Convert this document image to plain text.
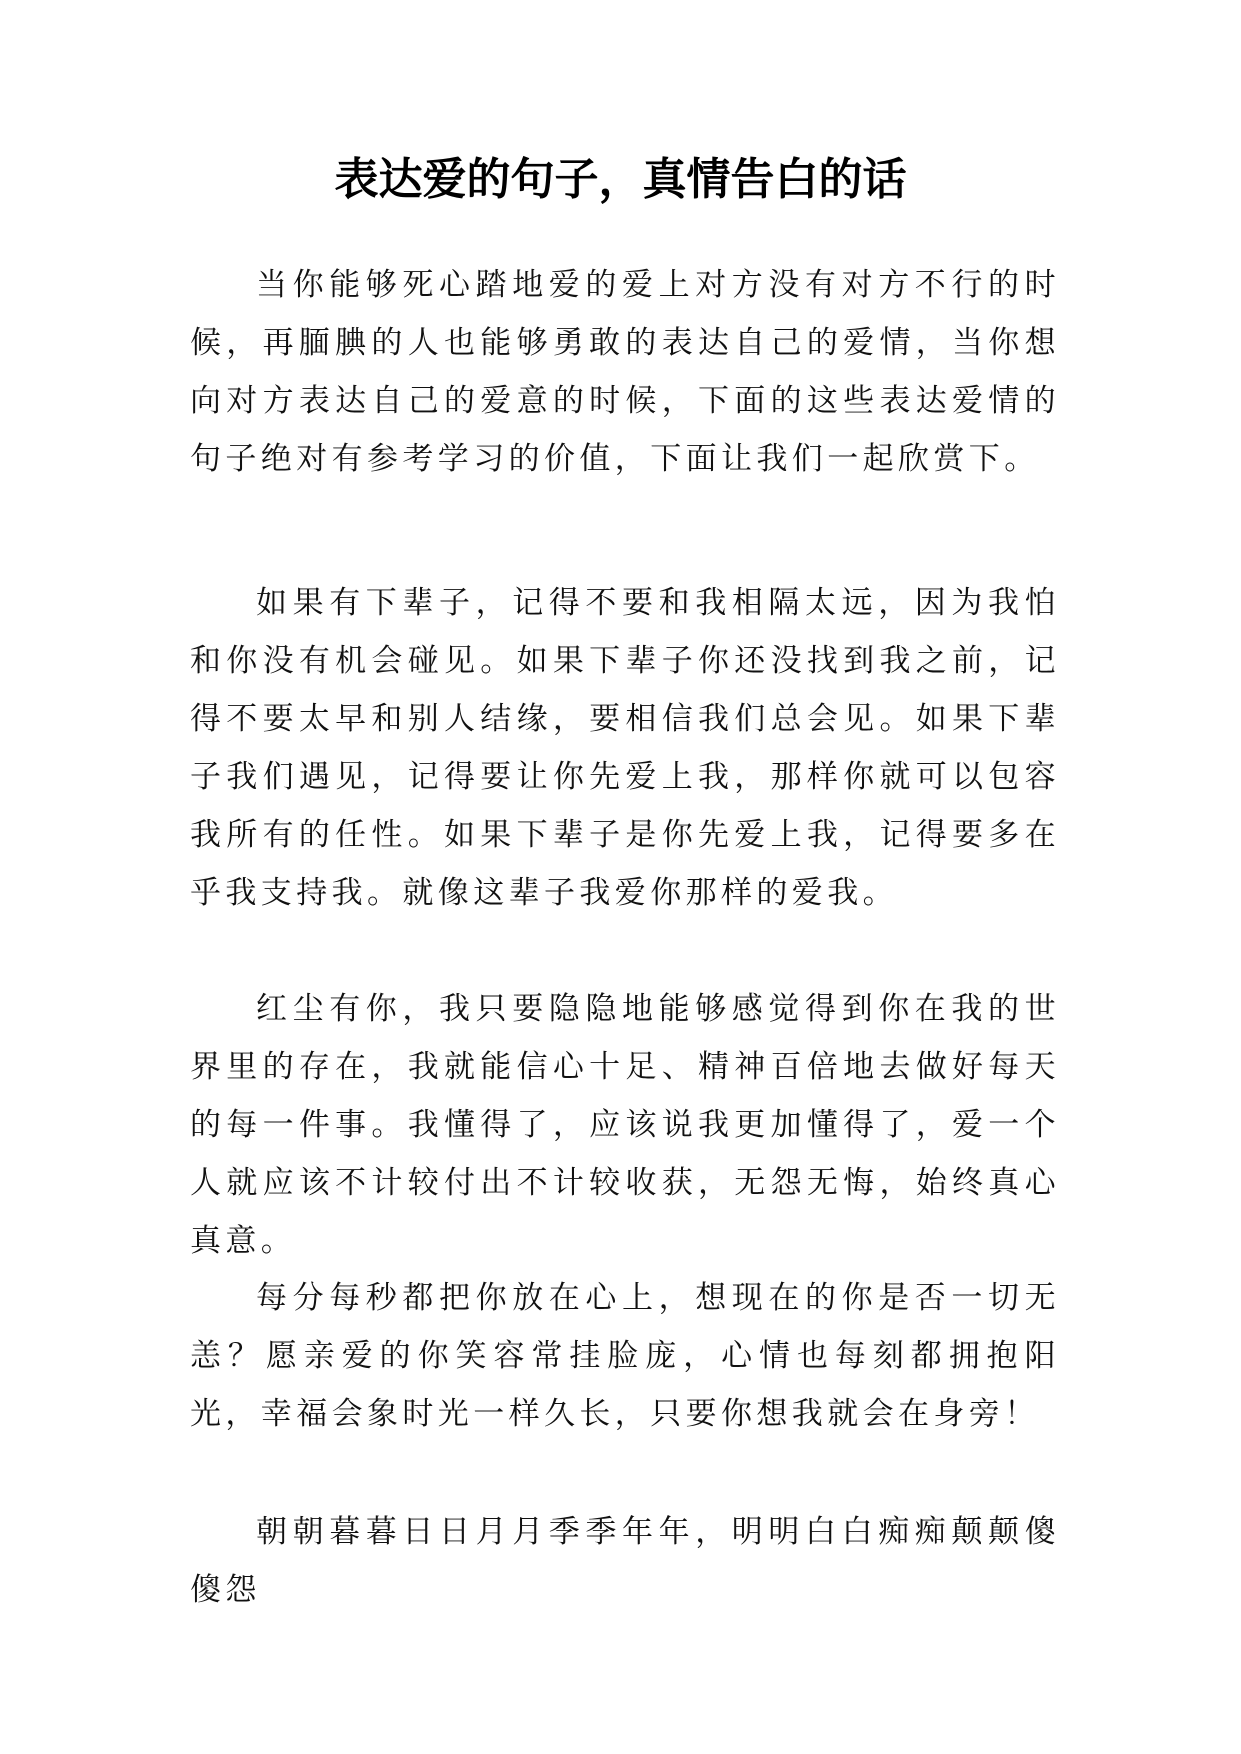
表达爱的句子，真情告白的话

当你能够死心踏地爱的爱上对方没有对方不行的时候，再腼腆的人也能够勇敢的表达自己的爱情，当你想向对方表达自己的爱意的时候，下面的这些表达爱情的句子绝对有参考学习的价值，下面让我们一起欣赏下。

如果有下辈子，记得不要和我相隔太远，因为我怕和你没有机会碰见。如果下辈子你还没找到我之前，记得不要太早和别人结缘，要相信我们总会见。如果下辈子我们遇见，记得要让你先爱上我，那样你就可以包容我所有的任性。如果下辈子是你先爱上我，记得要多在乎我支持我。就像这辈子我爱你那样的爱我。

红尘有你，我只要隐隐地能够感觉得到你在我的世界里的存在，我就能信心十足、精神百倍地去做好每天的每一件事。我懂得了，应该说我更加懂得了，爱一个人就应该不计较付出不计较收获，无怨无悔，始终真心真意。

每分每秒都把你放在心上，想现在的你是否一切无恙？愿亲爱的你笑容常挂脸庞，心情也每刻都拥抱阳光，幸福会象时光一样久长，只要你想我就会在身旁！

朝朝暮暮日日月月季季年年，明明白白痴痴颠颠傻傻怨
